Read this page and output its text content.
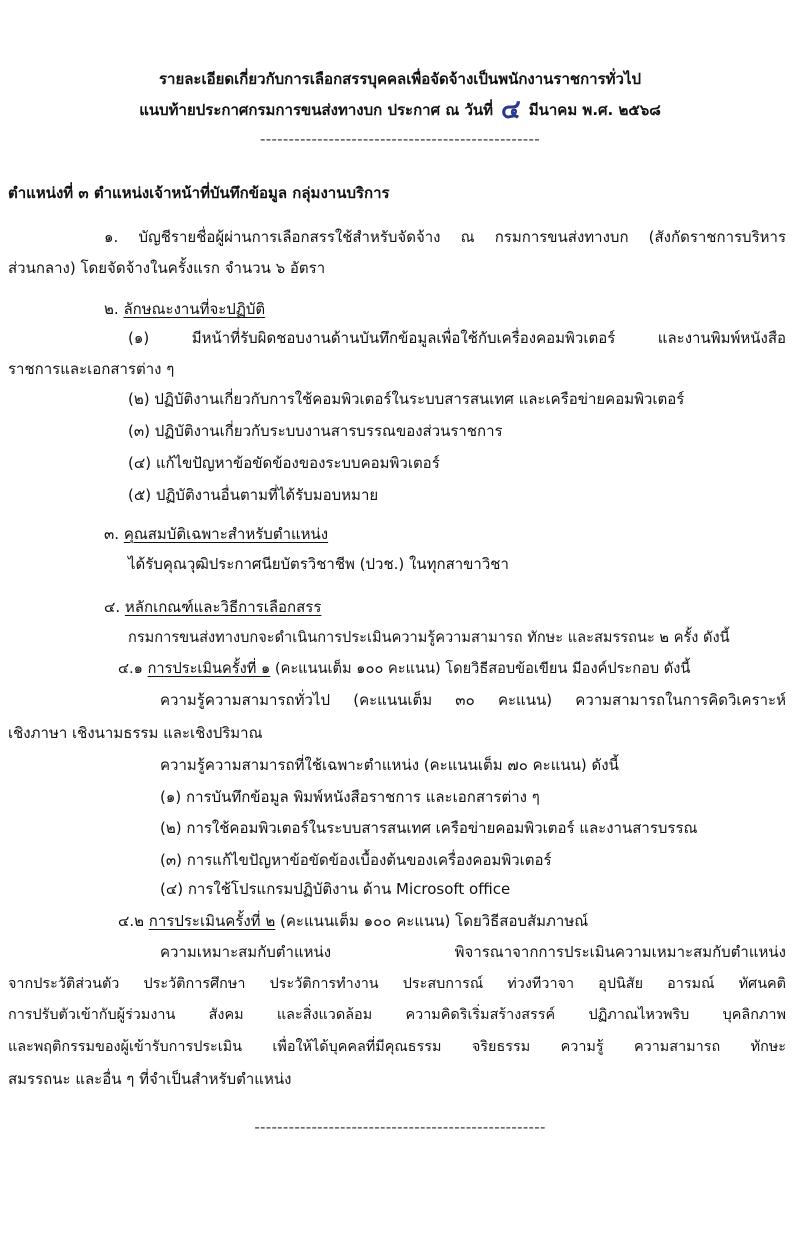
รายละเอียดเกี่ยวกับการเลือกสรรบุคคลเพื่อจัดจ้างเป็นพนักงานราชการทั่วไป
แนบท้ายประกาศกรมการขนส่งทางบก ประกาศ ณ วันที่ ๔ มีนาคม พ.ศ. ๒๕๖๘
-------------------------------------------------
ตำแหน่งที่ ๓ ตำแหน่งเจ้าหน้าที่บันทึกข้อมูล กลุ่มงานบริการ
๑. บัญชีรายชื่อผู้ผ่านการเลือกสรรใช้สำหรับจัดจ้าง ณ กรมการขนส่งทางบก (สังกัดราชการบริหาร
ส่วนกลาง) โดยจัดจ้างในครั้งแรก จำนวน ๖ อัตรา
๒. ลักษณะงานที่จะปฏิบัติ
(๑) มีหน้าที่รับผิดชอบงานด้านบันทึกข้อมูลเพื่อใช้กับเครื่องคอมพิวเตอร์ และงานพิมพ์หนังสือ
ราชการและเอกสารต่าง ๆ
(๒) ปฏิบัติงานเกี่ยวกับการใช้คอมพิวเตอร์ในระบบสารสนเทศ และเครือข่ายคอมพิวเตอร์
(๓) ปฏิบัติงานเกี่ยวกับระบบงานสารบรรณของส่วนราชการ
(๔) แก้ไขปัญหาข้อขัดข้องของระบบคอมพิวเตอร์
(๕) ปฏิบัติงานอื่นตามที่ได้รับมอบหมาย
๓. คุณสมบัติเฉพาะสำหรับตำแหน่ง
ได้รับคุณวุฒิประกาศนียบัตรวิชาชีพ (ปวช.) ในทุกสาขาวิชา
๔. หลักเกณฑ์และวิธีการเลือกสรร
กรมการขนส่งทางบกจะดำเนินการประเมินความรู้ความสามารถ ทักษะ และสมรรถนะ ๒ ครั้ง ดังนี้
๔.๑ การประเมินครั้งที่ ๑ (คะแนนเต็ม ๑๐๐ คะแนน) โดยวิธีสอบข้อเขียน มีองค์ประกอบ ดังนี้
ความรู้ความสามารถทั่วไป (คะแนนเต็ม ๓๐ คะแนน) ความสามารถในการคิดวิเคราะห์
เชิงภาษา เชิงนามธรรม และเชิงปริมาณ
ความรู้ความสามารถที่ใช้เฉพาะตำแหน่ง (คะแนนเต็ม ๗๐ คะแนน) ดังนี้
(๑) การบันทึกข้อมูล พิมพ์หนังสือราชการ และเอกสารต่าง ๆ
(๒) การใช้คอมพิวเตอร์ในระบบสารสนเทศ เครือข่ายคอมพิวเตอร์ และงานสารบรรณ
(๓) การแก้ไขปัญหาข้อขัดข้องเบื้องต้นของเครื่องคอมพิวเตอร์
(๔) การใช้โปรแกรมปฏิบัติงาน ด้าน Microsoft office
๔.๒ การประเมินครั้งที่ ๒ (คะแนนเต็ม ๑๐๐ คะแนน) โดยวิธีสอบสัมภาษณ์
ความเหมาะสมกับตำแหน่ง พิจารณาจากการประเมินความเหมาะสมกับตำแหน่ง
จากประวัติส่วนตัว ประวัติการศึกษา ประวัติการทำงาน ประสบการณ์ ท่วงทีวาจา อุปนิสัย อารมณ์ ทัศนคติ
การปรับตัวเข้ากับผู้ร่วมงาน สังคม และสิ่งแวดล้อม ความคิดริเริ่มสร้างสรรค์ ปฏิภาณไหวพริบ บุคลิกภาพ
และพฤติกรรมของผู้เข้ารับการประเมิน เพื่อให้ได้บุคคลที่มีคุณธรรม จริยธรรม ความรู้ ความสามารถ ทักษะ
สมรรถนะ และอื่น ๆ ที่จำเป็นสำหรับตำแหน่ง
---------------------------------------------------
